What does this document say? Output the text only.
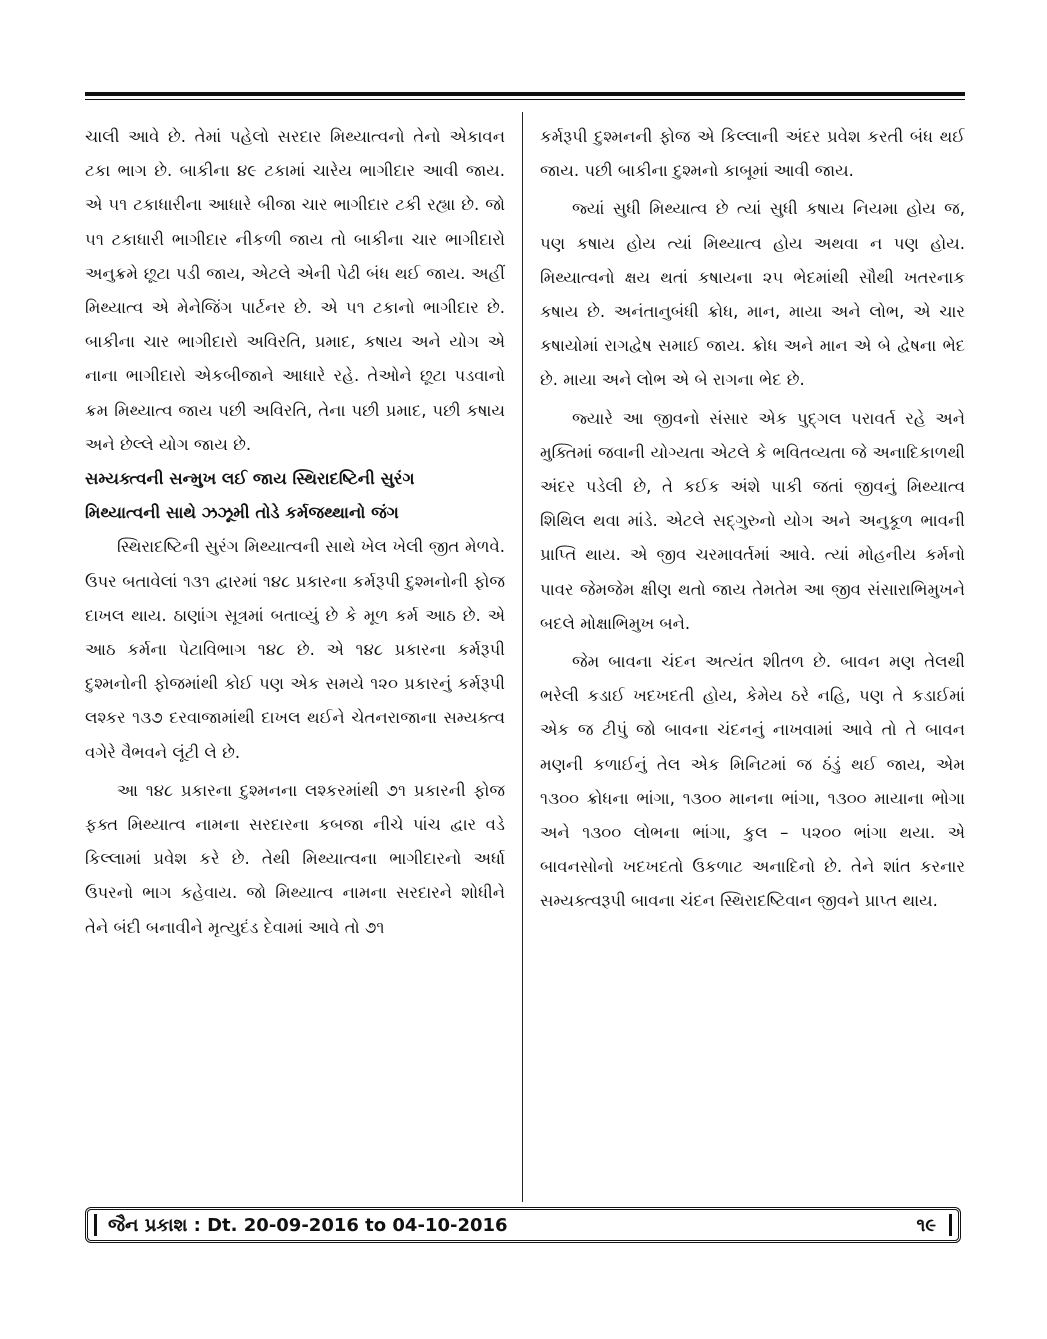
ચાલી આવે છે. તેમાં પહેલો સરદાર મિથ્યાત્વનો તેનો એકાવન ટકા ભાગ છે. બાકીના ૪૯ ટકામાં ચારેય ભાગીદાર આવી જાય. એ ૫૧ ટકાધારીના આધારે બીજા ચાર ભાગીદાર ટકી રહ્યા છે. જો ૫૧ ટકાધારી ભાગીદાર નીકળી જાય તો બાકીના ચાર ભાગીદારો અનુક્રમે છૂટા પડી જાય, એટલે એની પેઢી બંધ થઈ જાય. અહીં મિથ્યાત્વ એ મેનેજિંગ પાર્ટનર છે. એ ૫૧ ટકાનો ભાગીદાર છે. બાકીના ચાર ભાગીદારો અવિરતિ, પ્રમાદ, કષાય અને યોગ એ નાના ભાગીદારો એકબીજાને આધારે રહે. તેઓને છૂટા પડવાનો ક્રમ મિથ્યાત્વ જાય પછી અવિરતિ, તેના પછી પ્રમાદ, પછી કષાય અને છેલ્લે યોગ જાય છે.

સમ્યક્ત્વની સન્મુખ લઈ જાય સ્થિરાદષ્ટિની સુરંગ

મિથ્યાત્વની સાથે ઝઝૂમી તોડે કર્મજથ્થાનો જંગ

સ્થિરાદષ્ટિની સુરંગ મિથ્યાત્વની સાથે ખેલ ખેલી જીત મેળવે. ઉપર બતાવેલાં ૧૩૧ દ્વારમાં ૧૪૮ પ્રકારના કર્મરૂપી દુશ્મનોની ફોજ દાખલ થાય. ઠાણાંગ સૂત્રમાં બતાવ્યું છે કે મૂળ કર્મ આઠ છે. એ આઠ કર્મના પેટાવિભાગ ૧૪૮ છે. એ ૧૪૮ પ્રકારના કર્મરૂપી દુશ્મનોની ફોજમાંથી કોઈ પણ એક સમયે ૧૨૦ પ્રકારનું કર્મરૂપી લશ્કર ૧૩૭ દરવાજામાંથી દાખલ થઈને ચેતનરાજાના સમ્યક્ત્વ વગેરે વૈભવને લૂંટી લે છે.

આ ૧૪૮ પ્રકારના દુશ્મનના લશ્કરમાંથી ૭૧ પ્રકારની ફોજ ફક્ત મિથ્યાત્વ નામના સરદારના કબજા નીચે પાંચ દ્વાર વડે કિલ્લામાં પ્રવેશ કરે છે. તેથી મિથ્યાત્વના ભાગીદારનો અર્ધા ઉપરનો ભાગ કહેવાય. જો મિથ્યાત્વ નામના સરદારને શોધીને તેને બંદી બનાવીને મૃત્યુદંડ દેવામાં આવે તો ૭૧

કર્મરૂપી દુશ્મનની ફોજ એ કિલ્લાની અંદર પ્રવેશ કરતી બંધ થઈ જાય. પછી બાકીના દુશ્મનો કાબૂમાં આવી જાય.

જ્યાં સુધી મિથ્યાત્વ છે ત્યાં સુધી કષાય નિયમા હોય જ, પણ કષાય હોય ત્યાં મિથ્યાત્વ હોય અથવા ન પણ હોય. મિથ્યાત્વનો ક્ષય થતાં કષાયના ૨૫ ભેદમાંથી સૌથી ખતરનાક કષાય છે. અનંતાનુબંધી ક્રોધ, માન, માયા અને લોભ, એ ચાર કષાયોમાં રાગદ્વેષ સમાઈ જાય. ક્રોધ અને માન એ બે દ્વેષના ભેદ છે. માયા અને લોભ એ બે રાગના ભેદ છે.

જ્યારે આ જીવનો સંસાર એક પુદ્ગલ પરાવર્ત રહે અને મુક્તિમાં જવાની યોગ્યતા એટલે કે ભવિતવ્યતા જે અનાદિકાળથી અંદર પડેલી છે, તે કઈક અંશે પાકી જતાં જીવનું મિથ્યાત્વ શિથિલ થવા માંડે. એટલે સદ્ગુરુનો યોગ અને અનુકૂળ ભાવની પ્રાપ્તિ થાય. એ જીવ ચરમાવર્તમાં આવે. ત્યાં મોહનીય કર્મનો પાવર જેમજેમ ક્ષીણ થતો જાય તેમતેમ આ જીવ સંસારાભિમુખને બદલે મોક્ષાભિમુખ બને.

જેમ બાવના ચંદન અત્યંત શીતળ છે. બાવન મણ તેલથી ભરેલી કડાઈ ખદખદતી હોય, કેમેય ઠરે નહિ, પણ તે કડાઈમાં એક જ ટીપું જો બાવના ચંદનનું નાખવામાં આવે તો તે બાવન મણની કળાઈનું તેલ એક મિનિટમાં જ ઠંડું થઈ જાય, એમ ૧૩૦૦ ક્રોધના ભાંગા, ૧૩૦૦ માનના ભાંગા, ૧૩૦૦ માયાના ભોગા અને ૧૩૦૦ લોભના ભાંગા, કુલ – ૫૨૦૦ ભાંગા થયા. એ બાવનસોનો ખદખદતો ઉકળાટ અનાદિનો છે. તેને શાંત કરનાર સમ્યક્ત્વરૂપી બાવના ચંદન સ્થિરાદષ્ટિવાન જીવને પ્રાપ્ત થાય.

જૈન પ્રકાશ : Dt. 20-09-2016 to 04-10-2016	૧૯
